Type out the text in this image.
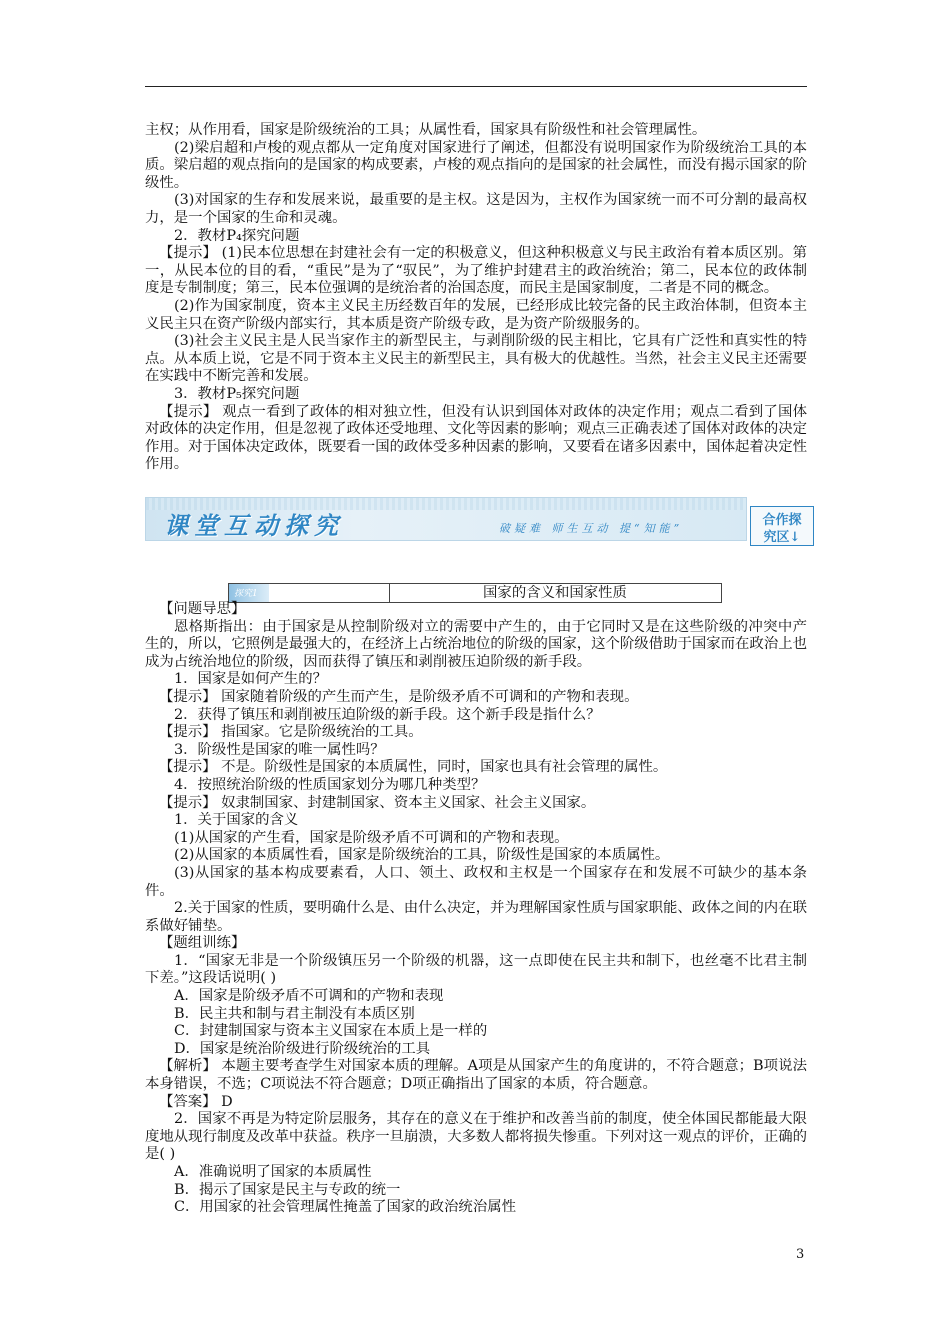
主权；从作用看，国家是阶级统治的工具；从属性看，国家具有阶级性和社会管理属性。

(2)梁启超和卢梭的观点都从一定角度对国家进行了阐述，但都没有说明国家作为阶级统治工具的本质。梁启超的观点指向的是国家的构成要素，卢梭的观点指向的是国家的社会属性，而没有揭示国家的阶级性。

(3)对国家的生存和发展来说，最重要的是主权。这是因为，主权作为国家统一而不可分割的最高权力，是一个国家的生命和灵魂。

2．教材P₄探究问题

【提示】 (1)民本位思想在封建社会有一定的积极意义，但这种积极意义与民主政治有着本质区别。第一，从民本位的目的看，“重民”是为了“驭民”，为了维护封建君主的政治统治；第二，民本位的政体制度是专制制度；第三，民本位强调的是统治者的治国态度，而民主是国家制度，二者是不同的概念。

(2)作为国家制度，资本主义民主历经数百年的发展，已经形成比较完备的民主政治体制，但资本主义民主只在资产阶级内部实行，其本质是资产阶级专政，是为资产阶级服务的。

(3)社会主义民主是人民当家作主的新型民主，与剥削阶级的民主相比，它具有广泛性和真实性的特点。从本质上说，它是不同于资本主义民主的新型民主，具有极大的优越性。当然，社会主义民主还需要在实践中不断完善和发展。

3．教材P₅探究问题

【提示】 观点一看到了政体的相对独立性，但没有认识到国体对政体的决定作用；观点二看到了国体对政体的决定作用，但是忽视了政体还受地理、文化等因素的影响；观点三正确表述了国体对政体的决定作用。对于国体决定政体，既要看一国的政体受多种因素的影响，又要看在诸多因素中，国体起着决定性作用。

课堂互动探究	破疑难 师生互动 提“知能”
合作探
究区↓
探究1	国家的含义和国家性质

【问题导思】

恩格斯指出：由于国家是从控制阶级对立的需要中产生的，由于它同时又是在这些阶级的冲突中产生的，所以，它照例是最强大的，在经济上占统治地位的阶级的国家，这个阶级借助于国家而在政治上也成为占统治地位的阶级，因而获得了镇压和剥削被压迫阶级的新手段。

1．国家是如何产生的？

【提示】 国家随着阶级的产生而产生，是阶级矛盾不可调和的产物和表现。

2．获得了镇压和剥削被压迫阶级的新手段。这个新手段是指什么？

【提示】 指国家。它是阶级统治的工具。

3．阶级性是国家的唯一属性吗？

【提示】 不是。阶级性是国家的本质属性，同时，国家也具有社会管理的属性。

4．按照统治阶级的性质国家划分为哪几种类型？

【提示】 奴隶制国家、封建制国家、资本主义国家、社会主义国家。

1．关于国家的含义

(1)从国家的产生看，国家是阶级矛盾不可调和的产物和表现。

(2)从国家的本质属性看，国家是阶级统治的工具，阶级性是国家的本质属性。

(3)从国家的基本构成要素看，人口、领土、政权和主权是一个国家存在和发展不可缺少的基本条件。

2.关于国家的性质，要明确什么是、由什么决定，并为理解国家性质与国家职能、政体之间的内在联系做好铺垫。

【题组训练】

1．“国家无非是一个阶级镇压另一个阶级的机器，这一点即使在民主共和制下，也丝毫不比君主制下差。”这段话说明( )

A．国家是阶级矛盾不可调和的产物和表现

B．民主共和制与君主制没有本质区别

C．封建制国家与资本主义国家在本质上是一样的

D．国家是统治阶级进行阶级统治的工具

【解析】 本题主要考查学生对国家本质的理解。A项是从国家产生的角度讲的，不符合题意；B项说法本身错误，不选；C项说法不符合题意；D项正确指出了国家的本质，符合题意。

【答案】 D

2．国家不再是为特定阶层服务，其存在的意义在于维护和改善当前的制度，使全体国民都能最大限度地从现行制度及改革中获益。秩序一旦崩溃，大多数人都将损失惨重。下列对这一观点的评价，正确的是( )

A．准确说明了国家的本质属性

B．揭示了国家是民主与专政的统一

C．用国家的社会管理属性掩盖了国家的政治统治属性

3
